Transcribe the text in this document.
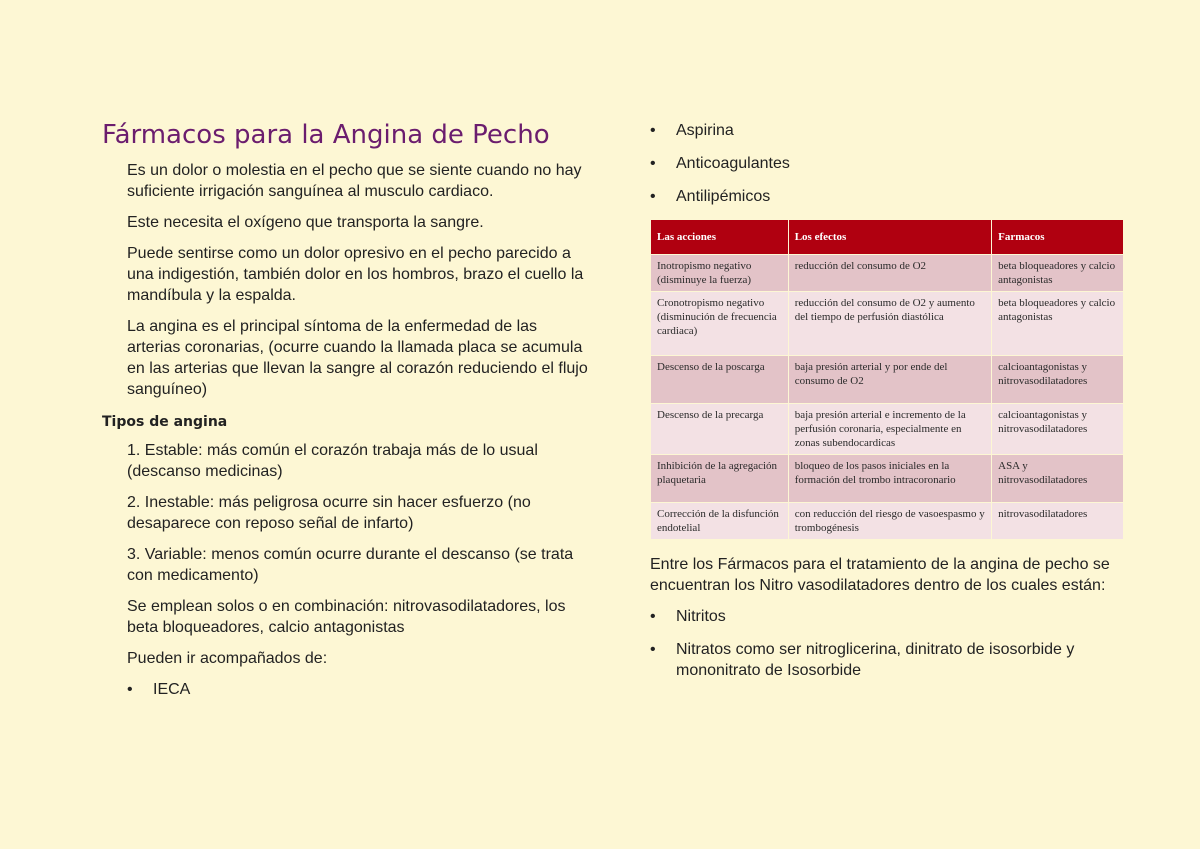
Fármacos para la Angina de Pecho

Es un dolor o molestia en el pecho que se siente cuando no hay suficiente irrigación sanguínea al musculo cardiaco.

Este necesita el oxígeno que transporta la sangre.

Puede sentirse como un dolor opresivo en el pecho parecido a una indigestión, también dolor en los hombros, brazo el cuello la mandíbula y la espalda.

La angina es el principal síntoma de la enfermedad de las arterias coronarias, (ocurre cuando la llamada placa se acumula en las arterias que llevan la sangre al corazón reduciendo el flujo sanguíneo)

Tipos de angina

1. Estable: más común el corazón trabaja más de lo usual (descanso medicinas)

2. Inestable: más peligrosa ocurre sin hacer esfuerzo (no desaparece con reposo señal de infarto)

3. Variable: menos común ocurre durante el descanso (se trata con medicamento)

Se emplean solos o en combinación: nitrovasodilatadores, los beta bloqueadores, calcio antagonistas

Pueden ir acompañados de:

• IECA
• Aspirina
• Anticoagulantes
• Antilipémicos
Las acciones	Los efectos	Farmacos
Inotropismo negativo (disminuye la fuerza)	reducción del consumo de O2	beta bloqueadores y calcio antagonistas
Cronotropismo negativo (disminución de frecuencia cardiaca)	reducción del consumo de O2 y aumento del tiempo de perfusión diastólica	beta bloqueadores y calcio antagonistas
Descenso de la poscarga	baja presión arterial y por ende del consumo de O2	calcioantagonistas y nitrovasodilatadores
Descenso de la precarga	baja presión arterial e incremento de la perfusión coronaria, especialmente en zonas subendocardicas	calcioantagonistas y nitrovasodilatadores
Inhibición de la agregación plaquetaria	bloqueo de los pasos iniciales en la formación del trombo intracoronario	ASA y nitrovasodilatadores
Corrección de la disfunción endotelial	con reducción del riesgo de vasoespasmo y trombogénesis	nitrovasodilatadores

Entre los Fármacos para el tratamiento de la angina de pecho se encuentran los Nitro vasodilatadores dentro de los cuales están:

• Nitritos
• Nitratos como ser nitroglicerina, dinitrato de isosorbide y mononitrato de Isosorbide
